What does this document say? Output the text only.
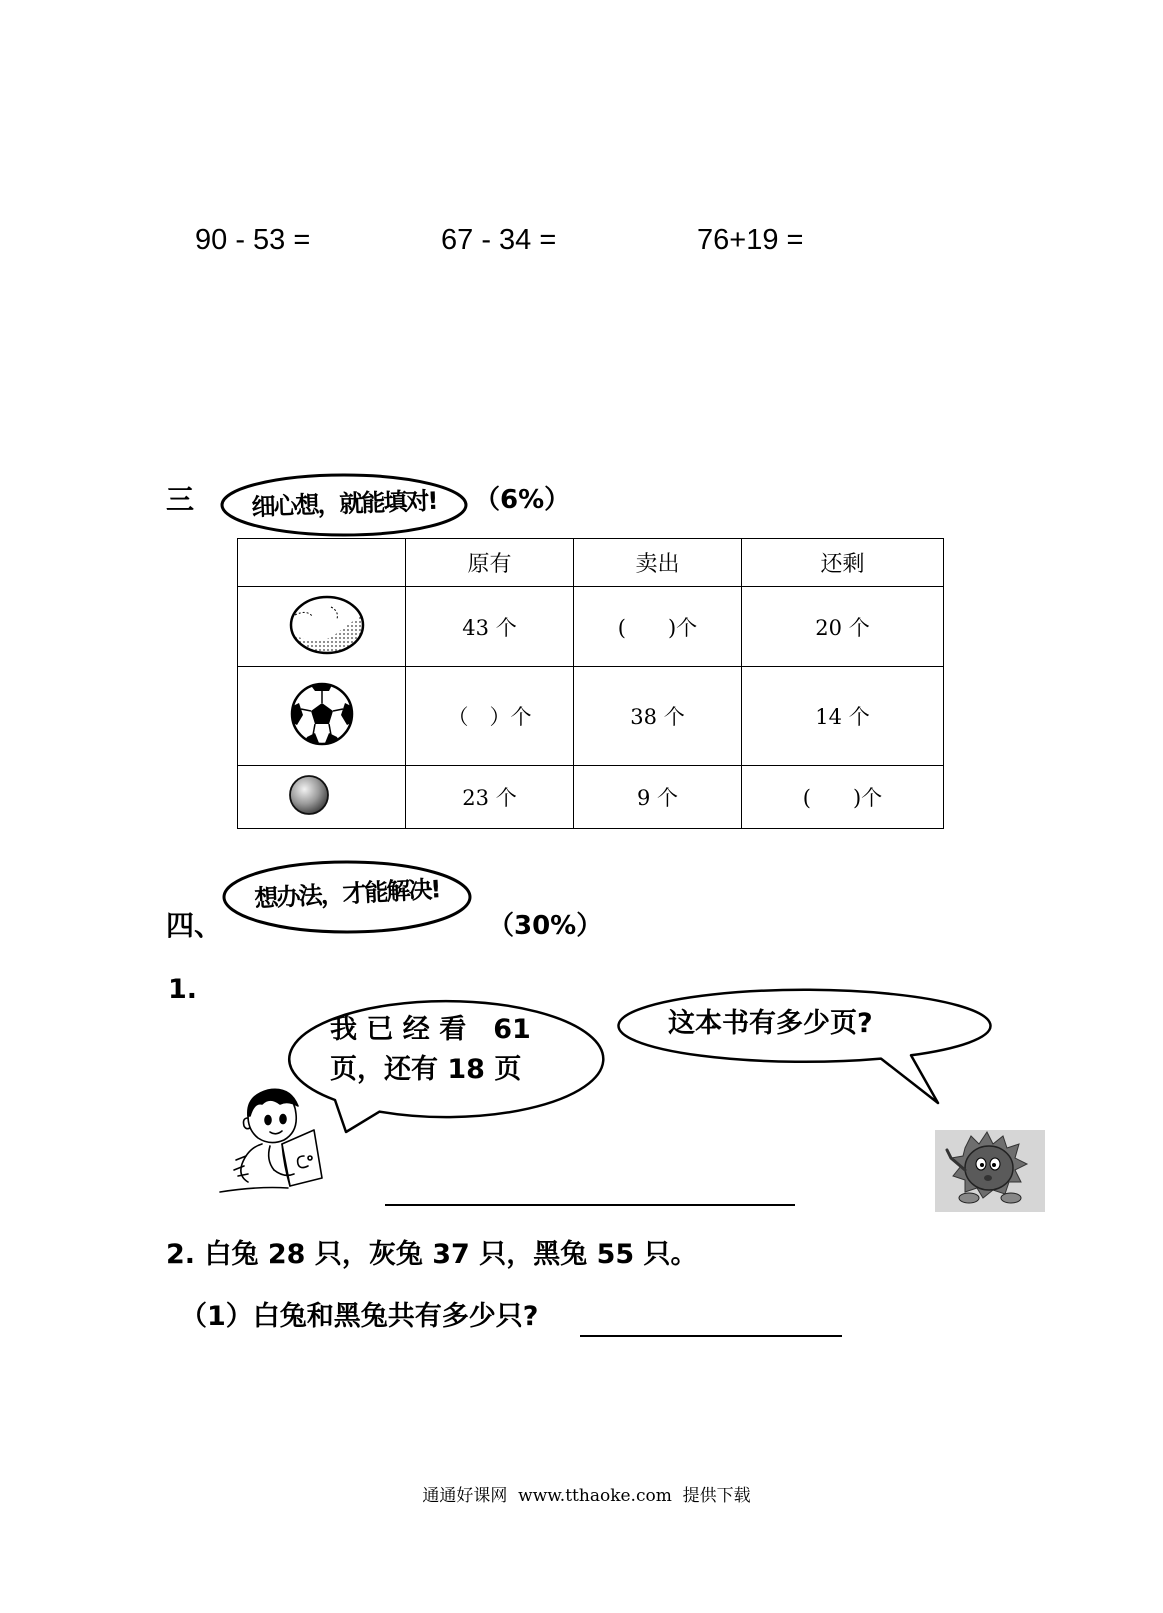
90 - 53 =	67 - 34 =	76+19 =
三	细心想，就能填对!	（6%）
	原有	卖出	还剩
	43 个	(　　)个	20 个
	（　）个	38 个	14 个
	23 个	9 个	(　　)个
四、
想办法，才能解决!
（30%）
1.
我 已 经 看　61
页，还有 18 页
这本书有多少页?
2. 白兔 28 只，灰兔 37 只，黑兔 55 只。
（1）白兔和黑兔共有多少只?
通通好课网  www.tthaoke.com  提供下载
